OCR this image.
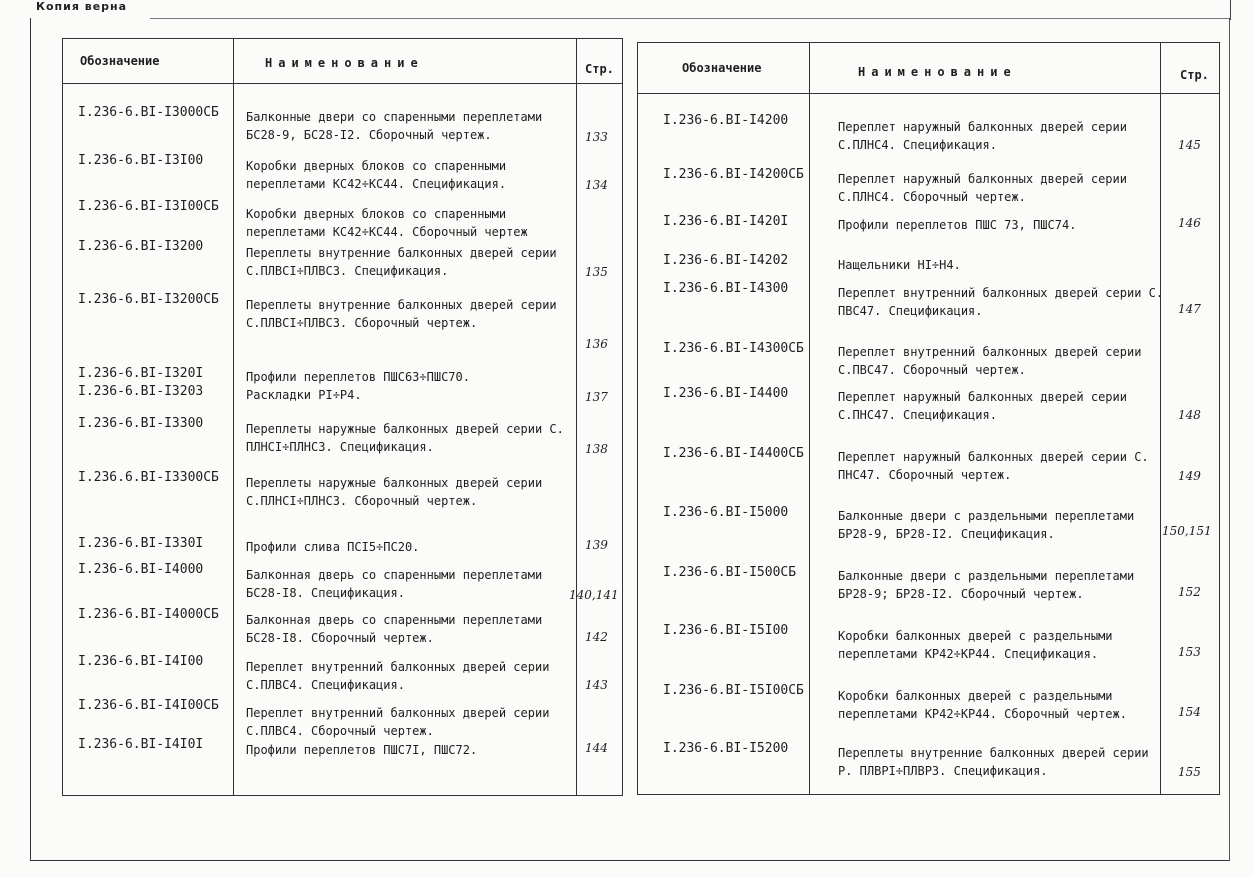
Копия верна
Обозначение	Наименование	Стр.	Обозначение	Наименование	Стр.
I.236-6.BI-I3000СБ Балконные двери со спаренными переплетами БС28-9, БС28-I2. Сборочный чертеж.	133
I.236-6.BI-I3I00	Коробки дверных блоков со спаренными переплетами КС42÷КС44. Спецификация.	134
I.236-6.BI-I3I00СБ Коробки дверных блоков со спаренными переплетами КС42÷КС44. Сборочный чертеж
I.236-6.BI-I3200	Переплеты внутренние балконных дверей серии С.ПЛВСI÷ПЛВС3. Спецификация.	135
I.236-6.BI-I3200СБ Переплеты внутренние балконных дверей серии С.ПЛВСI÷ПЛВС3. Сборочный чертеж.
136
I.236-6.BI-I320I	Профили переплетов ПШС63÷ПШС70.
I.236-6.BI-I3203	Раскладки PI÷P4.	137
I.236-6.BI-I3300	Переплеты наружные балконных дверей серии С. ПЛНСI÷ПЛНС3. Спецификация.	138
I.236.6.BI-I3300СБ Переплеты наружные балконных дверей серии С.ПЛНСI÷ПЛНС3. Сборочный чертеж.
I.236-6.BI-I330I	Профили слива ПСI5÷ПС20.	139
I.236-6.BI-I4000	Балконная дверь со спаренными переплетами БС28-I8. Спецификация.	140,141
I.236-6.BI-I4000СБ Балконная дверь со спаренными переплетами БС28-I8. Сборочный чертеж.	142
I.236-6.BI-I4I00	Переплет внутренний балконных дверей серии С.ПЛВС4. Спецификация.	143
I.236-6.BI-I4I00СБ Переплет внутренний балконных дверей серии С.ПЛВС4. Сборочный чертеж.
I.236-6.BI-I4I0I	Профили переплетов ПШС7I, ПШС72.	144
I.236-6.BI-I4200	Переплет наружный балконных дверей серии С.ПЛНС4. Спецификация.	145
I.236-6.BI-I4200СБ	Переплет наружный балконных дверей серии С.ПЛНС4. Сборочный чертеж.
I.236-6.BI-I420I	Профили переплетов ПШС 73, ПШС74.	146
I.236-6.BI-I4202	Нащельники НI÷Н4.
I.236-6.BI-I4300	Переплет внутренний балконных дверей серии С. ПВС47. Спецификация.	147
I.236-6.BI-I4300СБ	Переплет внутренний балконных дверей серии С.ПВС47. Сборочный чертеж.
I.236-6.BI-I4400	Переплет наружный балконных дверей серии С.ПНС47. Спецификация.	148
I.236-6.BI-I4400СБ	Переплет наружный балконных дверей серии С. ПНС47. Сборочный чертеж.	149
I.236-6.BI-I5000	Балконные двери с раздельными переплетами БР28-9, БР28-I2. Спецификация.	150,151
I.236-6.BI-I500СБ	Балконные двери с раздельными переплетами БР28-9; БР28-I2. Сборочный чертеж.	152
I.236-6.BI-I5I00	Коробки балконных дверей с раздельными переплетами КР42÷КР44. Спецификация.	153
I.236-6.BI-I5I00СБ	Коробки балконных дверей с раздельными переплетами КР42÷КР44. Сборочный чертеж.	154
I.236-6.BI-I5200	Переплеты внутренние балконных дверей серии Р. ПЛВРI÷ПЛВР3. Спецификация.	155
